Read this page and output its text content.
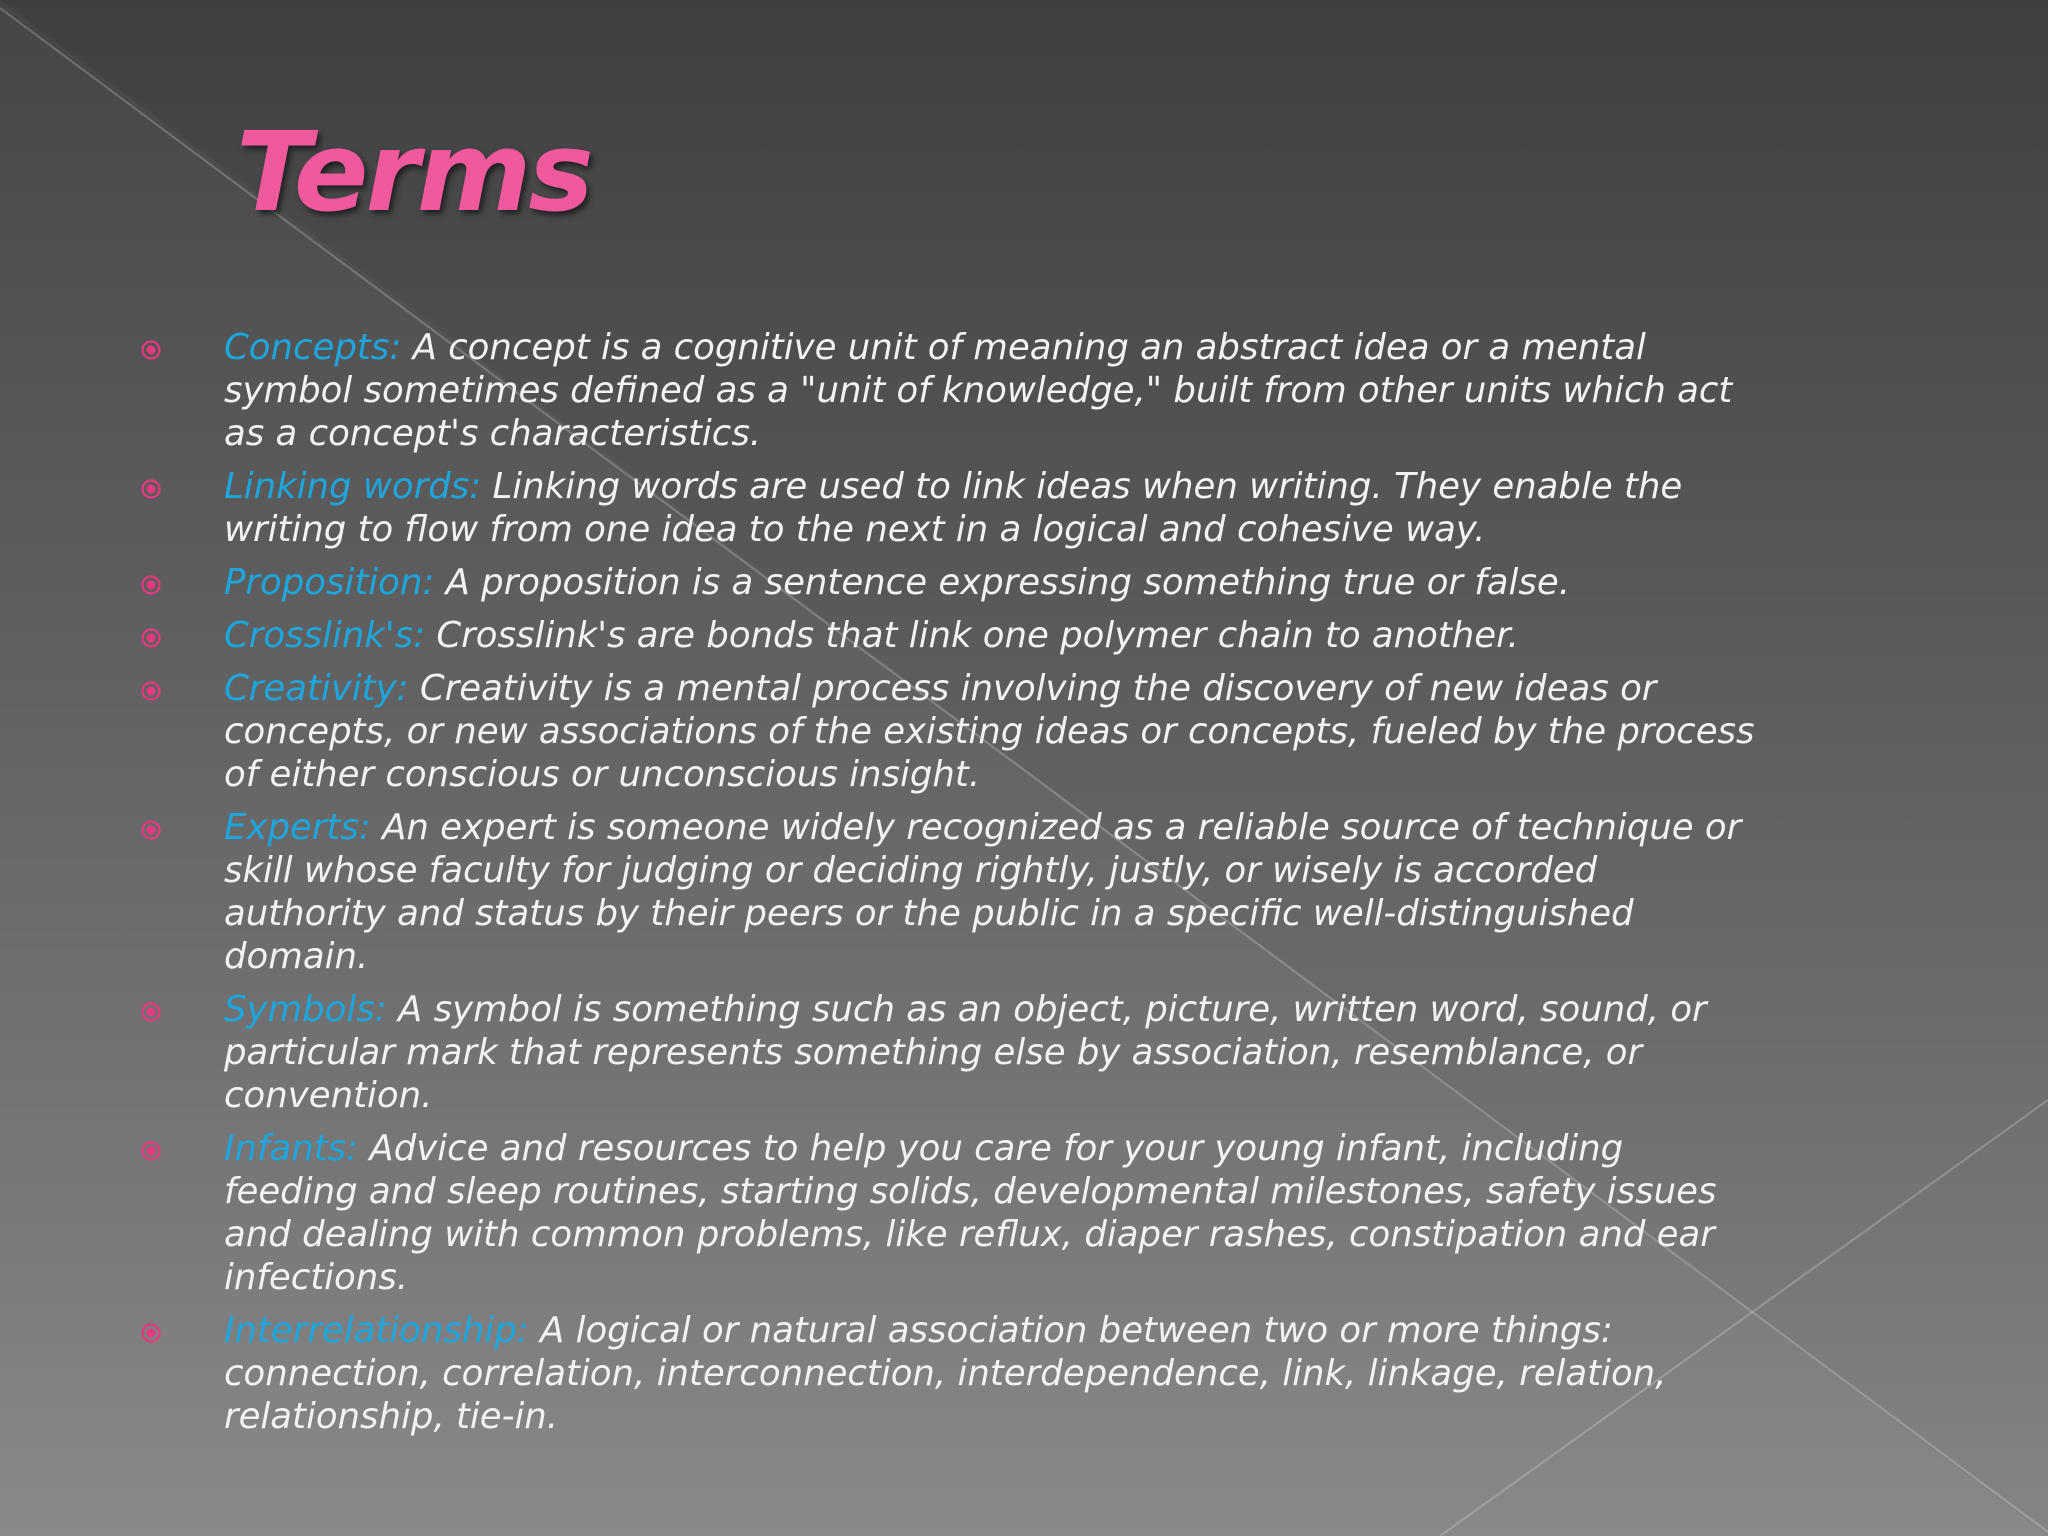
Terms
Concepts: A concept is a cognitive unit of meaning an abstract idea or a mental symbol sometimes defined as a "unit of knowledge," built from other units which act as a concept's characteristics.
Linking words: Linking words are used to link ideas when writing. They enable the writing to flow from one idea to the next in a logical and cohesive way.
Proposition: A proposition is a sentence expressing something true or false.
Crosslink's: Crosslink's are bonds that link one polymer chain to another.
Creativity: Creativity is a mental process involving the discovery of new ideas or concepts, or new associations of the existing ideas or concepts, fueled by the process of either conscious or unconscious insight.
Experts: An expert is someone widely recognized as a reliable source of technique or skill whose faculty for judging or deciding rightly, justly, or wisely is accorded authority and status by their peers or the public in a specific well-distinguished domain.
Symbols: A symbol is something such as an object, picture, written word, sound, or particular mark that represents something else by association, resemblance, or convention.
Infants: Advice and resources to help you care for your young infant, including feeding and sleep routines, starting solids, developmental milestones, safety issues and dealing with common problems, like reflux, diaper rashes, constipation and ear infections.
Interrelationship: A logical or natural association between two or more things: connection, correlation, interconnection, interdependence, link, linkage, relation, relationship, tie-in.
